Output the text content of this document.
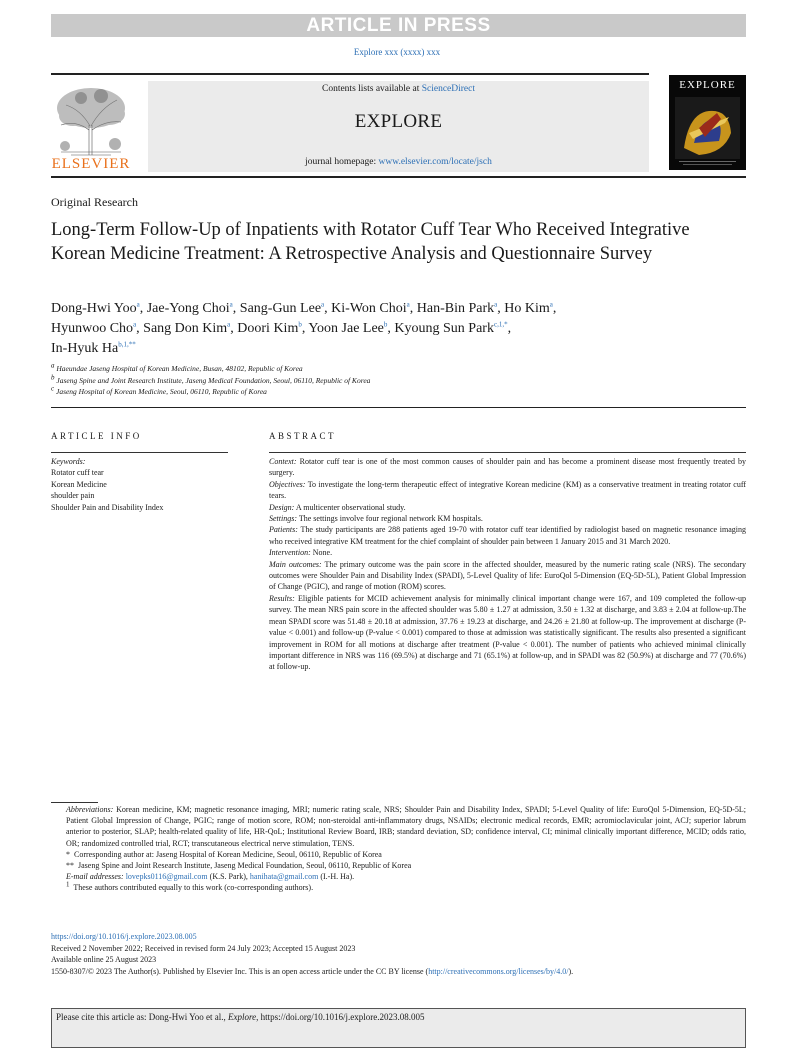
ARTICLE IN PRESS
Explore xxx (xxxx) xxx
ELSEVIER
Contents lists available at ScienceDirect
EXPLORE
journal homepage: www.elsevier.com/locate/jsch
EXPLORE
Original Research
Long-Term Follow-Up of Inpatients with Rotator Cuff Tear Who Received Integrative Korean Medicine Treatment: A Retrospective Analysis and Questionnaire Survey
Dong-Hwi Yoo$^a$, Jae-Yong Choi$^a$, Sang-Gun Lee$^a$, Ki-Won Choi$^a$, Han-Bin Park$^a$, Ho Kim$^a$,
Hyunwoo Cho$^a$, Sang Don Kim$^a$, Doori Kim$^b$, Yoon Jae Lee$^b$, Kyoung Sun Park$^{c,1,*}$,
In-Hyuk $Ha^{b,1,**}$
$^a$ Haeundae Jaseng Hospital of Korean Medicine, Busan, 48102, Republic of Korea
$^b$ Jaseng Spine and Joint Research Institute, Jaseng Medical Foundation, Seoul, 06110, Republic of Korea
$^c$ Jaseng Hospital of Korean Medicine, Seoul, 06110, Republic of Korea
ARTICLE INFO	ABSTRACT
Keywords:
Rotator cuff tear
Korean Medicine
shoulder pain
Shoulder Pain and Disability Index

Context: Rotator cuff tear is one of the most common causes of shoulder pain and has become a prominent disease most frequently treated by surgery.

Objectives: To investigate the long-term therapeutic effect of integrative Korean medicine (KM) as a conservative treatment in treating rotator cuff tears.

Design: A multicenter observational study.

Settings: The settings involve four regional network KM hospitals.

Patients: The study participants are 288 patients aged 19-70 with rotator cuff tear identified by radiologist based on magnetic resonance imaging who received integrative KM treatment for the chief complaint of shoulder pain between 1 January 2015 and 31 March 2020.

Intervention: None.

Main outcomes: The primary outcome was the pain score in the affected shoulder, measured by the numeric rating scale (NRS). The secondary outcomes were Shoulder Pain and Disability Index (SPADI), 5-Level Quality of life: EuroQol 5-Dimension (EQ-5D-5L), Patient Global Impression of Change (PGIC), and range of motion (ROM) scores.

Results: Eligible patients for MCID achievement analysis for minimally clinical important change were 167, and 109 completed the follow-up survey. The mean NRS pain score in the affected shoulder was 5.80 ± 1.27 at admission, 3.50 ± 1.32 at discharge, and 3.83 ± 2.04 at follow-up.The mean SPADI score was 51.48 ± 20.18 at admission, 37.76 ± 19.23 at discharge, and 24.26 ± 21.80 at follow-up. The improvement at discharge (P-value < 0.001) and follow-up (P-value < 0.001) compared to those at admission was statistically significant. The results also presented a significant improvement in ROM for all motions at discharge after treatment (P-value < 0.001). The number of patients who achieved minimal clinically important difference in NRS was 116 (69.5%) at discharge and 71 (65.1%) at follow-up, and in SPADI was 82 (50.9%) at discharge and 77 (70.6%) at follow-up.

Abbreviations: Korean medicine, KM; magnetic resonance imaging, MRI; numeric rating scale, NRS; Shoulder Pain and Disability Index, SPADI; 5-Level Quality of life: EuroQol 5-Dimension, EQ-5D-5L; Patient Global Impression of Change, PGIC; range of motion score, ROM; non-steroidal anti-inflammatory drugs, NSAIDs; electronic medical records, EMR; acromioclavicular joint, ACJ; superior labrum anterior to posterior, SLAP; health-related quality of life, HR-QoL; Institutional Review Board, IRB; standard deviation, SD; confidence interval, CI; minimal clinically important difference, MCID; odds ratio, OR; randomized controlled trial, RCT; transcutaneous electrical nerve stimulation, TENS.

* Corresponding author at: Jaseng Hospital of Korean Medicine, Seoul, 06110, Republic of Korea

** Jaseng Spine and Joint Research Institute, Jaseng Medical Foundation, Seoul, 06110, Republic of Korea

E-mail addresses: lovepks0116@gmail.com (K.S. Park), hanihata@gmail.com (I.-H. Ha).

$^1$ These authors contributed equally to this work (co-corresponding authors).

https://doi.org/10.1016/j.explore.2023.08.005

Received 2 November 2022; Received in revised form 24 July 2023; Accepted 15 August 2023

Available online 25 August 2023

1550-8307/© 2023 The Author(s). Published by Elsevier Inc. This is an open access article under the CC BY license (http://creativecommons.org/licenses/by/4.0/).

Please cite this article as: Dong-Hwi Yoo et al., Explore, https://doi.org/10.1016/j.explore.2023.08.005
